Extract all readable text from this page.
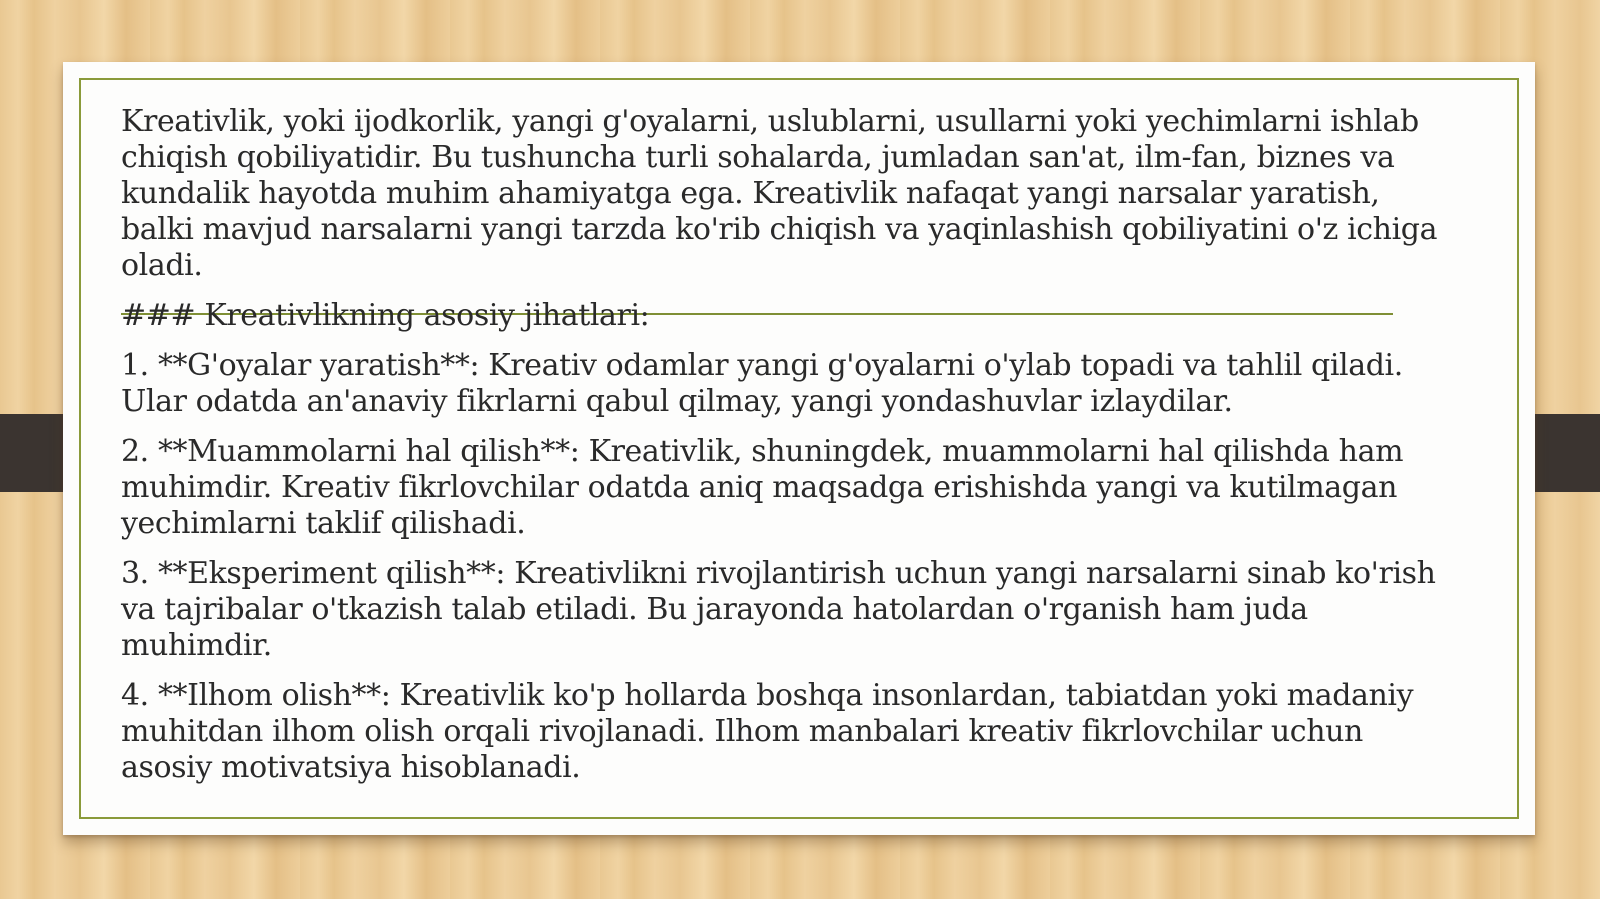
Kreativlik, yoki ijodkorlik, yangi g'oyalarni, uslublarni, usullarni yoki yechimlarni ishlab chiqish qobiliyatidir. Bu tushuncha turli sohalarda, jumladan san'at, ilm-fan, biznes va kundalik hayotda muhim ahamiyatga ega. Kreativlik nafaqat yangi narsalar yaratish, balki mavjud narsalarni yangi tarzda ko'rib chiqish va yaqinlashish qobiliyatini o'z ichiga oladi.

### Kreativlikning asosiy jihatlari:

1. **G'oyalar yaratish**: Kreativ odamlar yangi g'oyalarni o'ylab topadi va tahlil qiladi. Ular odatda an'anaviy fikrlarni qabul qilmay, yangi yondashuvlar izlaydilar.

2. **Muammolarni hal qilish**: Kreativlik, shuningdek, muammolarni hal qilishda ham muhimdir. Kreativ fikrlovchilar odatda aniq maqsadga erishishda yangi va kutilmagan yechimlarni taklif qilishadi.

3. **Eksperiment qilish**: Kreativlikni rivojlantirish uchun yangi narsalarni sinab ko'rish va tajribalar o'tkazish talab etiladi. Bu jarayonda hatolardan o'rganish ham juda muhimdir.

4. **Ilhom olish**: Kreativlik ko'p hollarda boshqa insonlardan, tabiatdan yoki madaniy muhitdan ilhom olish orqali rivojlanadi. Ilhom manbalari kreativ fikrlovchilar uchun asosiy motivatsiya hisoblanadi.
